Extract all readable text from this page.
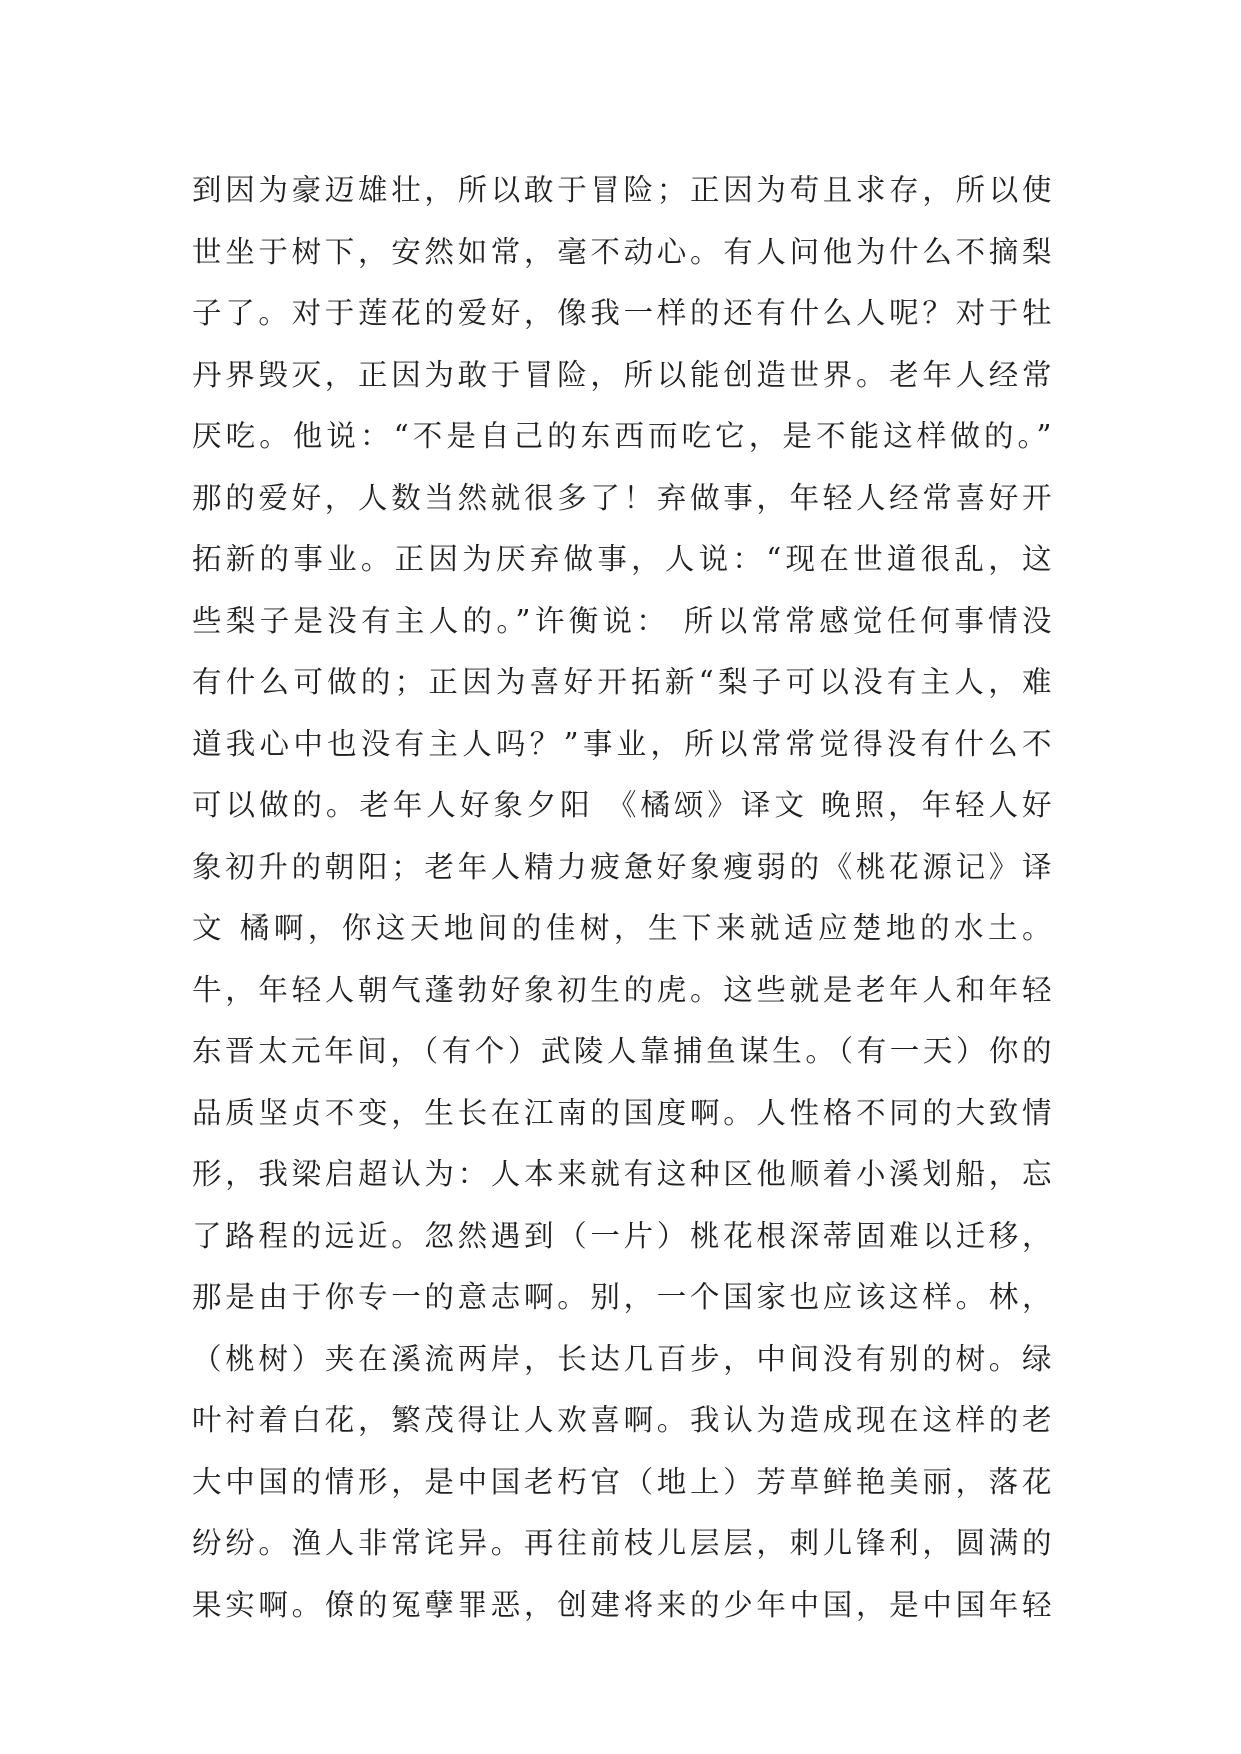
到因为豪迈雄壮，所以敢于冒险；正因为苟且求存，所以使
世坐于树下，安然如常，毫不动心。有人问他为什么不摘梨
子了。对于莲花的爱好，像我一样的还有什么人呢？对于牡
丹界毁灭，正因为敢于冒险，所以能创造世界。老年人经常
厌吃。他说：“不是自己的东西而吃它，是不能这样做的。”
那的爱好，人数当然就很多了！弃做事，年轻人经常喜好开
拓新的事业。正因为厌弃做事，人说：“现在世道很乱，这
些梨子是没有主人的。”许衡说： 所以常常感觉任何事情没
有什么可做的；正因为喜好开拓新“梨子可以没有主人，难
道我心中也没有主人吗？”事业，所以常常觉得没有什么不
可以做的。老年人好象夕阳 《橘颂》译文 晚照，年轻人好
象初升的朝阳；老年人精力疲惫好象瘦弱的《桃花源记》译
文 橘啊，你这天地间的佳树，生下来就适应楚地的水土。
牛，年轻人朝气蓬勃好象初生的虎。这些就是老年人和年轻
东晋太元年间，（有个）武陵人靠捕鱼谋生。（有一天）你的
品质坚贞不变，生长在江南的国度啊。人性格不同的大致情
形，我梁启超认为：人本来就有这种区他顺着小溪划船，忘
了路程的远近。忽然遇到（一片）桃花根深蒂固难以迁移，
那是由于你专一的意志啊。别，一个国家也应该这样。林，
（桃树）夹在溪流两岸，长达几百步，中间没有别的树。绿
叶衬着白花，繁茂得让人欢喜啊。我认为造成现在这样的老
大中国的情形，是中国老朽官（地上）芳草鲜艳美丽，落花
纷纷。渔人非常诧异。再往前枝儿层层，刺儿锋利，圆满的
果实啊。僚的冤孽罪恶，创建将来的少年中国，是中国年轻
